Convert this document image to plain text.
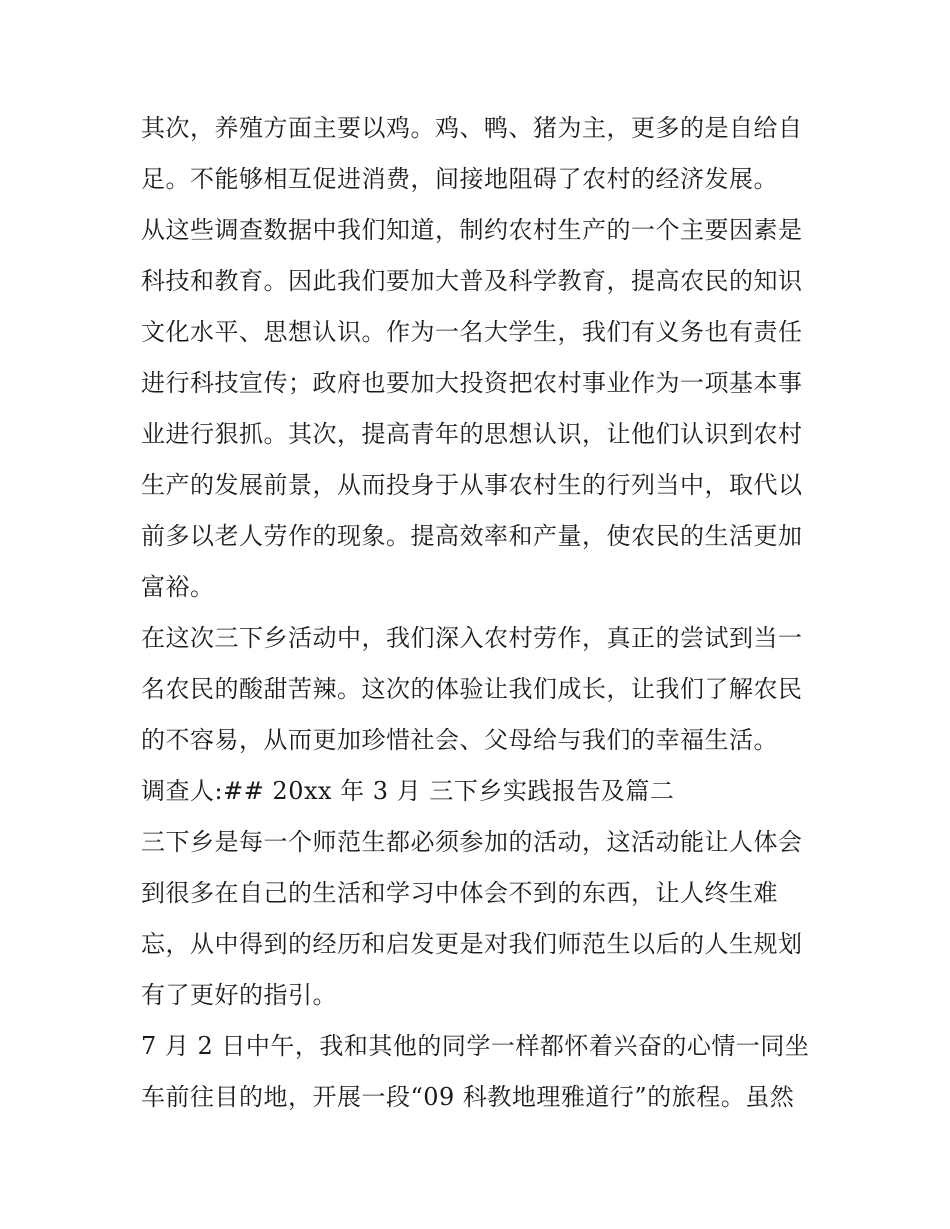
其次，养殖方面主要以鸡。鸡、鸭、猪为主，更多的是自给自
足。不能够相互促进消费，间接地阻碍了农村的经济发展。
从这些调查数据中我们知道，制约农村生产的一个主要因素是
科技和教育。因此我们要加大普及科学教育，提高农民的知识
文化水平、思想认识。作为一名大学生，我们有义务也有责任
进行科技宣传；政府也要加大投资把农村事业作为一项基本事
业进行狠抓。其次，提高青年的思想认识，让他们认识到农村
生产的发展前景，从而投身于从事农村生的行列当中，取代以
前多以老人劳作的现象。提高效率和产量，使农民的生活更加
富裕。
在这次三下乡活动中，我们深入农村劳作，真正的尝试到当一
名农民的酸甜苦辣。这次的体验让我们成长，让我们了解农民
的不容易，从而更加珍惜社会、父母给与我们的幸福生活。
调查人:## 20xx 年 3 月 三下乡实践报告及篇二
三下乡是每一个师范生都必须参加的活动，这活动能让人体会
到很多在自己的生活和学习中体会不到的东西，让人终生难
忘，从中得到的经历和启发更是对我们师范生以后的人生规划
有了更好的指引。
7 月 2 日中午，我和其他的同学一样都怀着兴奋的心情一同坐
车前往目的地，开展一段“09 科教地理雅道行”的旅程。虽然
